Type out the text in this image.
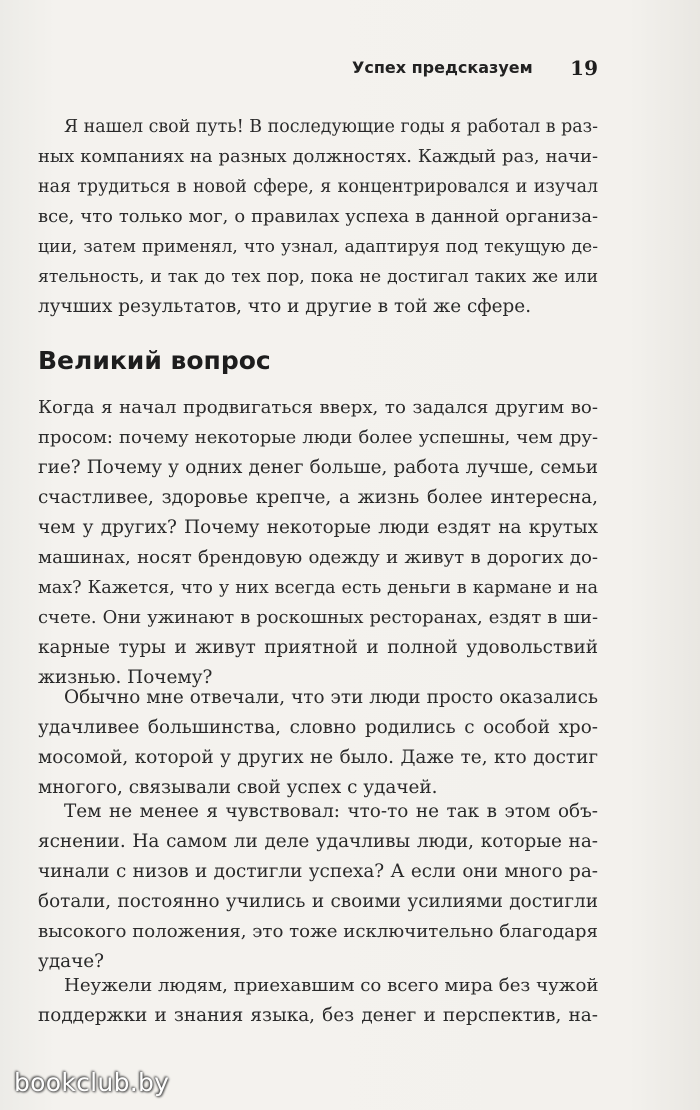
Успех предсказуем 19
Я нашел свой путь! В последующие годы я работал в раз-
ных компаниях на разных должностях. Каждый раз, начи-
ная трудиться в новой сфере, я концентрировался и изучал
все, что только мог, о правилах успеха в данной организа-
ции, затем применял, что узнал, адаптируя под текущую де-
ятельность, и так до тех пор, пока не достигал таких же или
лучших результатов, что и другие в той же сфере.
Великий вопрос
Когда я начал продвигаться вверх, то задался другим во-
просом: почему некоторые люди более успешны, чем дру-
гие? Почему у одних денег больше, работа лучше, семьи
счастливее, здоровье крепче, а жизнь более интересна,
чем у других? Почему некоторые люди ездят на крутых
машинах, носят брендовую одежду и живут в дорогих до-
мах? Кажется, что у них всегда есть деньги в кармане и на
счете. Они ужинают в роскошных ресторанах, ездят в ши-
карные туры и живут приятной и полной удовольствий
жизнью. Почему?
Обычно мне отвечали, что эти люди просто оказались
удачливее большинства, словно родились с особой хро-
мосомой, которой у других не было. Даже те, кто достиг
многого, связывали свой успех с удачей.
Тем не менее я чувствовал: что-то не так в этом объ-
яснении. На самом ли деле удачливы люди, которые на-
чинали с низов и достигли успеха? А если они много ра-
ботали, постоянно учились и своими усилиями достигли
высокого положения, это тоже исключительно благодаря
удаче?
Неужели людям, приехавшим со всего мира без чужой
поддержки и знания языка, без денег и перспектив, на-
bookclub.by
